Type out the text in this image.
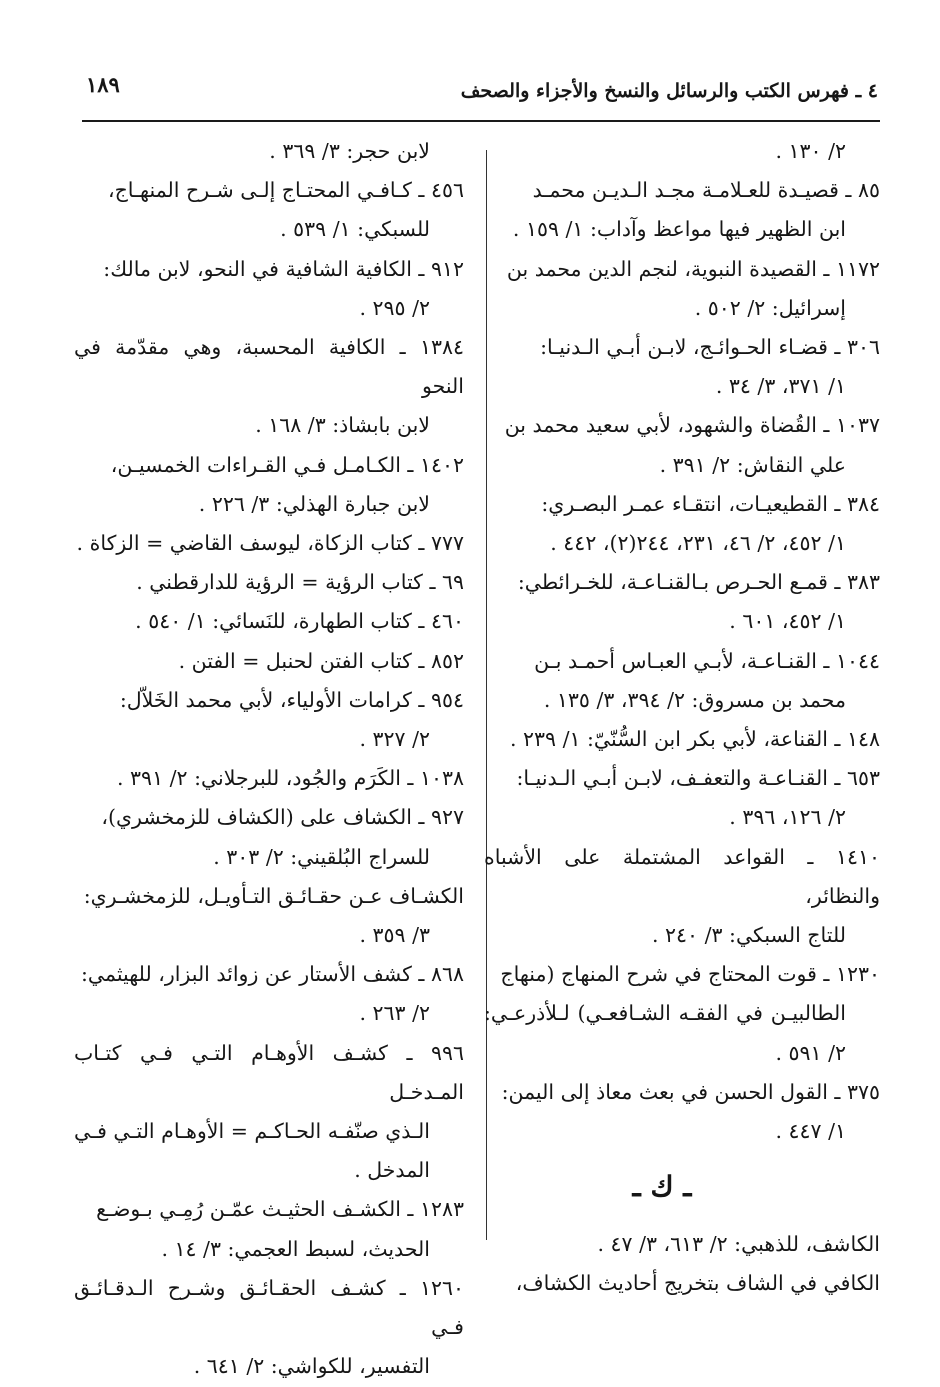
١٨٩	٤ ـ فهرس الكتب والرسائل والنسخ والأجزاء والصحف

٢/ ١٣٠ .

٨٥ ـ قصيـدة للعـلامـة مجـد الـديـن محمـد
ابن الظهير فيها مواعظ وآداب: ١/ ١٥٩ .

١١٧٢ ـ القصيدة النبوية، لنجم الدين محمد بن
إسرائيل: ٢/ ٥٠٢ .

٣٠٦ ـ قضـاء الحـوائـج، لابـن أبـي الـدنيـا:
١/ ٣٧١، ٣/ ٣٤ .

١٠٣٧ ـ القُضاة والشهود، لأبي سعيد محمد بن
علي النقاش: ٢/ ٣٩١ .

٣٨٤ ـ القطيعيـات، انتقـاء عمـر البصـري:
١/ ٤٥٢، ٢/ ٤٦، ٢٣١، ٢٤٤(٢)، ٤٤٢ .

٣٨٣ ـ قمـع الحـرص بـالقنـاعـة، للخـرائطي:
١/ ٤٥٢، ٦٠١ .

١٠٤٤ ـ القنـاعـة، لأبـي العبـاس أحمـد بـن
محمد بن مسروق: ٢/ ٣٩٤، ٣/ ١٣٥ .

١٤٨ ـ القناعة، لأبي بكر ابن السُّنّيّ: ١/ ٢٣٩ .

٦٥٣ ـ القنـاعـة والتعفـف، لابـن أبـي الـدنيـا:
٢/ ١٢٦، ٣٩٦ .

١٤١٠ ـ القواعد المشتملة على الأشباه والنظائر،
للتاج السبكي: ٣/ ٢٤٠ .

١٢٣٠ ـ قوت المحتاج في شرح المنهاج (منهاج
الطالبيـن في الفقـه الشـافعـي) لـلأذرعـي: ٢/ ٥٩١ .

٣٧٥ ـ القول الحسن في بعث معاذ إلى اليمن:
١/ ٤٤٧ .

ـ ك ـ

الكاشف، للذهبي: ٢/ ٦١٣، ٣/ ٤٧ .

الكافي في الشاف بتخريج أحاديث الكشاف،

لابن حجر: ٣/ ٣٦٩ .

٤٥٦ ـ كـافـي المحتـاج إلـى شـرح المنهـاج،
للسبكي: ١/ ٥٣٩ .

٩١٢ ـ الكافية الشافية في النحو، لابن مالك:
٢/ ٢٩٥ .

١٣٨٤ ـ الكافية المحسبة، وهي مقدّمة في النحو
لابن بابشاذ: ٣/ ١٦٨ .

١٤٠٢ ـ الكـامـل فـي القـراءات الخمسيـن،
لابن جبارة الهذلي: ٣/ ٢٢٦ .

٧٧٧ ـ كتاب الزكاة، ليوسف القاضي = الزكاة .

٦٩ ـ كتاب الرؤية = الرؤية للدارقطني .

٤٦٠ ـ كتاب الطهارة، للنَسائي: ١/ ٥٤٠ .

٨٥٢ ـ كتاب الفتن لحنبل = الفتن .

٩٥٤ ـ كرامات الأولياء، لأبي محمد الخَلاّل:
٢/ ٣٢٧ .

١٠٣٨ ـ الكَرَم والجُود، للبرجلاني: ٢/ ٣٩١ .

٩٢٧ ـ الكشاف على (الكشاف للزمخشري)،
للسراج البُلقيني: ٢/ ٣٠٣ .

الكشـاف عـن حقـائـق التـأويـل، للزمخشـري:
٣/ ٣٥٩ .

٨٦٨ ـ كشف الأستار عن زوائد البزار، للهيثمي:
٢/ ٢٦٣ .

٩٩٦ ـ كشـف الأوهـام التـي فـي كتـاب المـدخـل
الـذي صنّفـه الحـاكـم = الأوهـام التـي فـي المدخل .

١٢٨٣ ـ الكشـف الحثيـث عمّـن رُمِـي بـوضـع
الحديث، لسبط العجمي: ٣/ ١٤ .

١٢٦٠ ـ كشـف الحقـائـق وشـرح الـدقـائـق فـي
التفسير، للكواشي: ٢/ ٦٤١ .
